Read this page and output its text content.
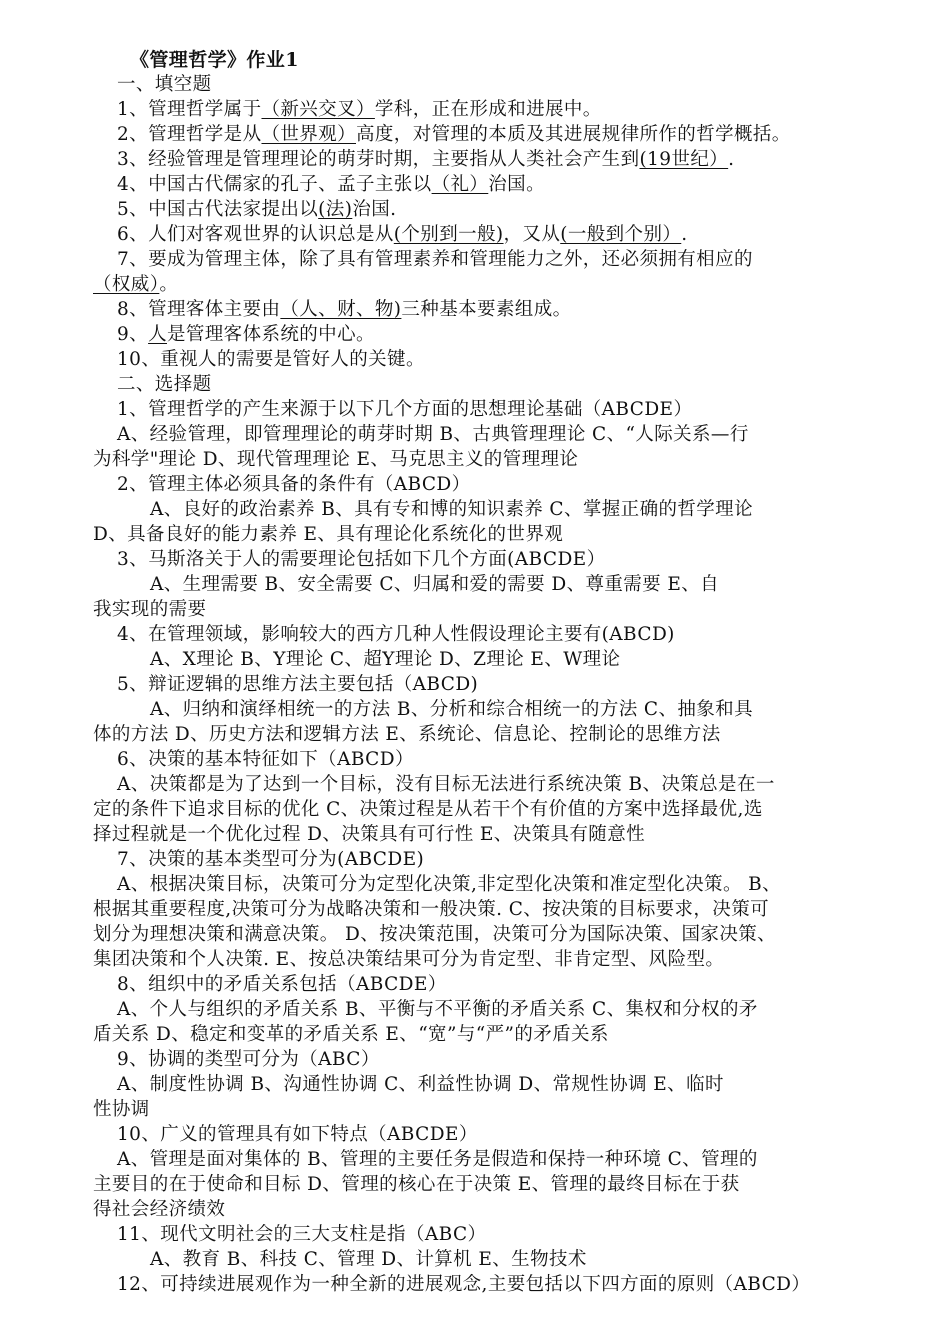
《管理哲学》作业1
一、填空题
1、管理哲学属于（新兴交叉）学科，正在形成和进展中。
2、管理哲学是从（世界观）高度，对管理的本质及其进展规律所作的哲学概括。
3、经验管理是管理理论的萌芽时期，主要指从人类社会产生到(19世纪）.
4、中国古代儒家的孔子、孟子主张以（礼）治国。
5、中国古代法家提出以(法)治国.
6、人们对客观世界的认识总是从(个别到一般)，又从(一般到个别）.
7、要成为管理主体，除了具有管理素养和管理能力之外，还必须拥有相应的
（权威）。
8、管理客体主要由（人、财、物)三种基本要素组成。
9、人是管理客体系统的中心。
10、重视人的需要是管好人的关键。
二、选择题
1、管理哲学的产生来源于以下几个方面的思想理论基础（ABCDE）
A、经验管理，即管理理论的萌芽时期 B、古典管理理论 C、“人际关系—行
为科学"理论 D、现代管理理论 E、马克思主义的管理理论
2、管理主体必须具备的条件有（ABCD）
A、良好的政治素养 B、具有专和博的知识素养 C、掌握正确的哲学理论
D、具备良好的能力素养 E、具有理论化系统化的世界观
3、马斯洛关于人的需要理论包括如下几个方面(ABCDE）
A、生理需要 B、安全需要 C、归属和爱的需要 D、尊重需要 E、自
我实现的需要
4、在管理领域，影响较大的西方几种人性假设理论主要有(ABCD)
A、X理论 B、Y理论 C、超Y理论 D、Z理论 E、W理论
5、辩证逻辑的思维方法主要包括（ABCD)
A、归纳和演绎相统一的方法 B、分析和综合相统一的方法 C、抽象和具
体的方法 D、历史方法和逻辑方法 E、系统论、信息论、控制论的思维方法
6、决策的基本特征如下（ABCD）
A、决策都是为了达到一个目标，没有目标无法进行系统决策 B、决策总是在一
定的条件下追求目标的优化 C、决策过程是从若干个有价值的方案中选择最优,选
择过程就是一个优化过程 D、决策具有可行性 E、决策具有随意性
7、决策的基本类型可分为(ABCDE)
A、根据决策目标，决策可分为定型化决策,非定型化决策和准定型化决策。 B、
根据其重要程度,决策可分为战略决策和一般决策. C、按决策的目标要求，决策可
划分为理想决策和满意决策。 D、按决策范围，决策可分为国际决策、国家决策、
集团决策和个人决策. E、按总决策结果可分为肯定型、非肯定型、风险型。
8、组织中的矛盾关系包括（ABCDE）
A、个人与组织的矛盾关系 B、平衡与不平衡的矛盾关系 C、集权和分权的矛
盾关系 D、稳定和变革的矛盾关系 E、“宽”与“严”的矛盾关系
9、协调的类型可分为（ABC）
A、制度性协调 B、沟通性协调 C、利益性协调 D、常规性协调 E、临时
性协调
10、广义的管理具有如下特点（ABCDE）
A、管理是面对集体的 B、管理的主要任务是假造和保持一种环境 C、管理的
主要目的在于使命和目标 D、管理的核心在于决策 E、管理的最终目标在于获
得社会经济绩效
11、现代文明社会的三大支柱是指（ABC）
A、教育 B、科技 C、管理 D、计算机 E、生物技术
12、可持续进展观作为一种全新的进展观念,主要包括以下四方面的原则（ABCD）
